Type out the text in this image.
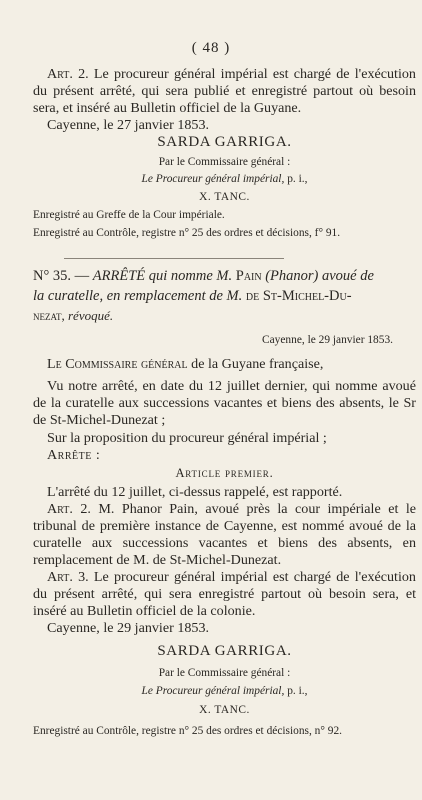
( 48 )

Art. 2. Le procureur général impérial est chargé de l'exécution du présent arrêté, qui sera publié et enregistré partout où besoin sera, et inséré au Bulletin officiel de la Guyane.

Cayenne, le 27 janvier 1853.
SARDA GARRIGA.
Par le Commissaire général :
Le Procureur général impérial, p. i.,
X. TANC.
Enregistré au Greffe de la Cour impériale.
Enregistré au Contrôle, registre n° 25 des ordres et décisions, f° 91.
N° 35. — ARRÊTÉ qui nomme M. Pain (Phanor) avoué de
la curatelle, en remplacement de M. de St-Michel-Du-
nezat, révoqué.
Cayenne, le 29 janvier 1853.
Le Commissaire général de la Guyane française,

Vu notre arrêté, en date du 12 juillet dernier, qui nomme avoué de la curatelle aux successions vacantes et biens des absents, le Sr de St-Michel-Dunezat ;

Sur la proposition du procureur général impérial ;
Arrête :
Article premier.
L'arrêté du 12 juillet, ci-dessus rappelé, est rapporté.

Art. 2. M. Phanor Pain, avoué près la cour impériale et le tribunal de première instance de Cayenne, est nommé avoué de la curatelle aux successions vacantes et biens des absents, en remplacement de M. de St-Michel-Dunezat.

Art. 3. Le procureur général impérial est chargé de l'exécution du présent arrêté, qui sera enregistré partout où besoin sera, et inséré au Bulletin officiel de la colonie.

Cayenne, le 29 janvier 1853.
SARDA GARRIGA.
Par le Commissaire général :
Le Procureur général impérial, p. i.,
X. TANC.
Enregistré au Contrôle, registre n° 25 des ordres et décisions, n° 92.
